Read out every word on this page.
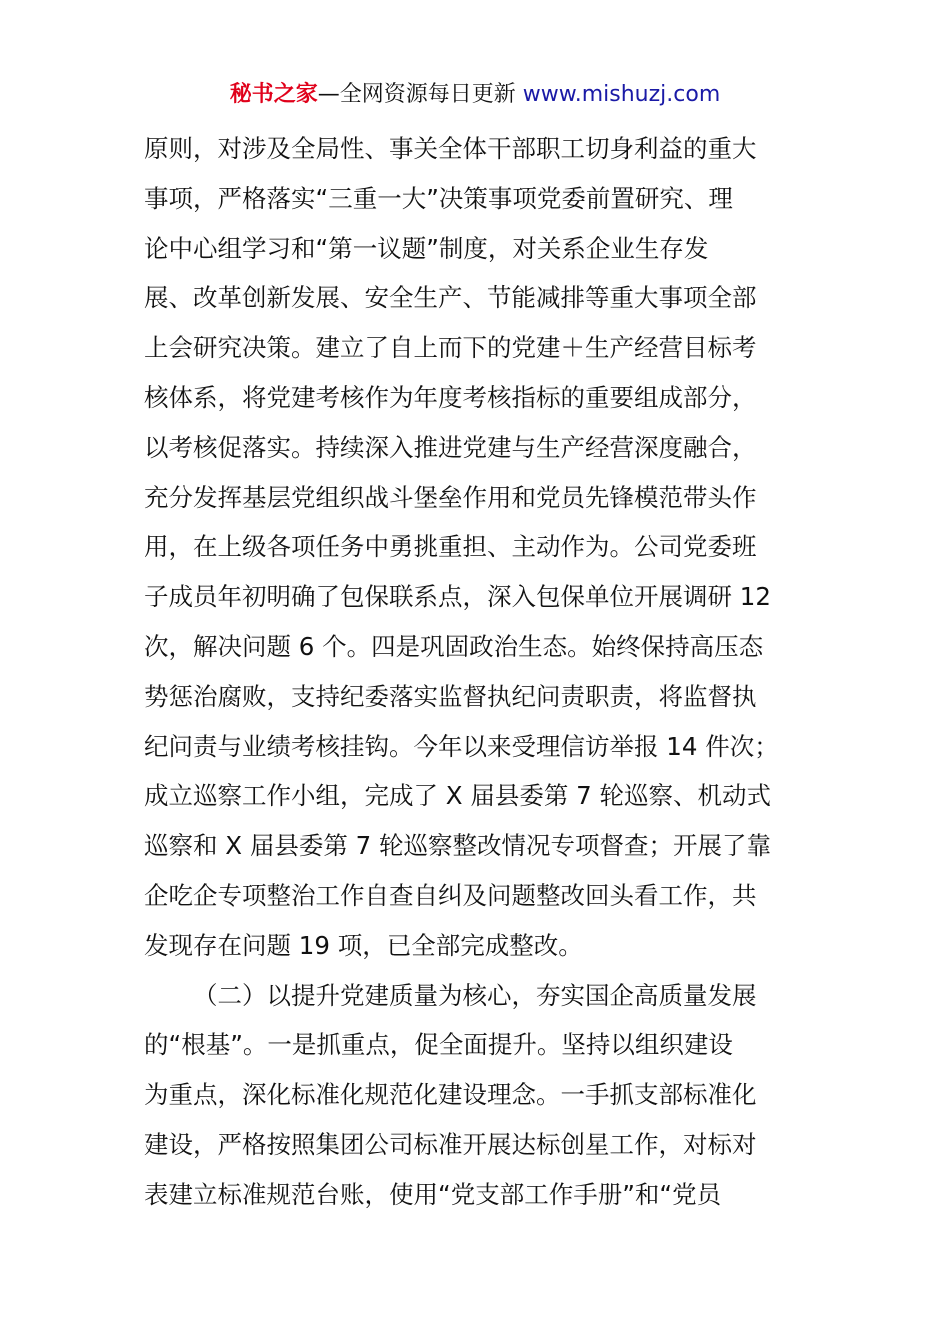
秘书之家—全网资源每日更新 www.mishuzj.com
原则，对涉及全局性、事关全体干部职工切身利益的重大
事项，严格落实“三重一大”决策事项党委前置研究、理
论中心组学习和“第一议题”制度，对关系企业生存发
展、改革创新发展、安全生产、节能减排等重大事项全部
上会研究决策。建立了自上而下的党建＋生产经营目标考
核体系，将党建考核作为年度考核指标的重要组成部分，
以考核促落实。持续深入推进党建与生产经营深度融合，
充分发挥基层党组织战斗堡垒作用和党员先锋模范带头作
用，在上级各项任务中勇挑重担、主动作为。公司党委班
子成员年初明确了包保联系点，深入包保单位开展调研 12
次，解决问题 6 个。四是巩固政治生态。始终保持高压态
势惩治腐败，支持纪委落实监督执纪问责职责，将监督执
纪问责与业绩考核挂钩。今年以来受理信访举报 14 件次；
成立巡察工作小组，完成了 X 届县委第 7 轮巡察、机动式
巡察和 X 届县委第 7 轮巡察整改情况专项督查；开展了靠
企吃企专项整治工作自查自纠及问题整改回头看工作，共
发现存在问题 19 项，已全部完成整改。
（二）以提升党建质量为核心，夯实国企高质量发展
的“根基”。一是抓重点，促全面提升。坚持以组织建设
为重点，深化标准化规范化建设理念。一手抓支部标准化
建设，严格按照集团公司标准开展达标创星工作，对标对
表建立标准规范台账，使用“党支部工作手册”和“党员
